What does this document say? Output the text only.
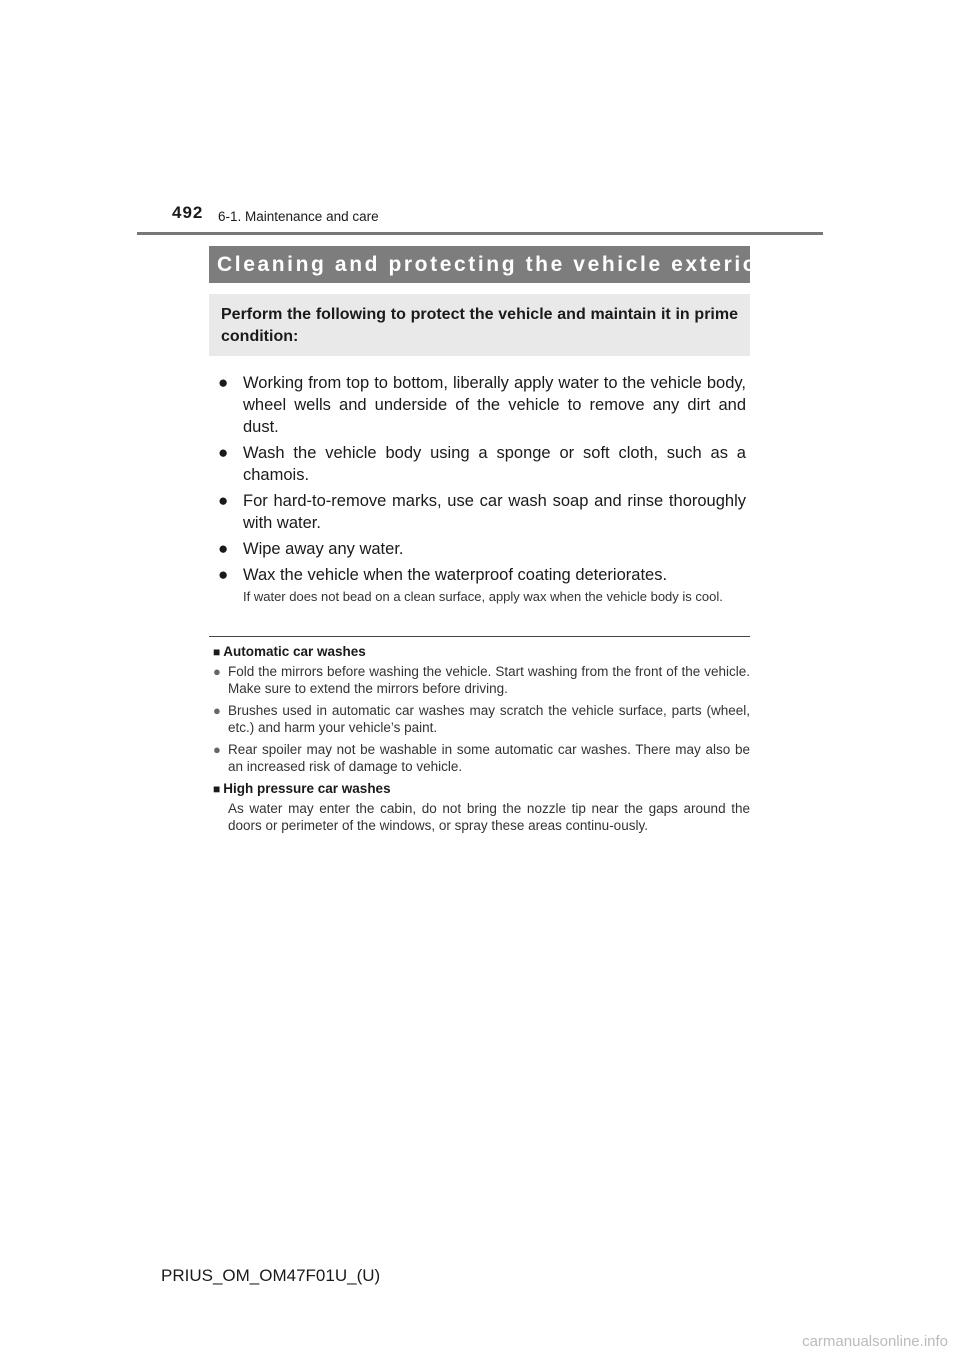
492 6-1. Maintenance and care
Cleaning and protecting the vehicle exterior
Perform the following to protect the vehicle and maintain it in prime condition:
● Working from top to bottom, liberally apply water to the vehicle body, wheel wells and underside of the vehicle to remove any dirt and dust.
● Wash the vehicle body using a sponge or soft cloth, such as a chamois.
● For hard-to-remove marks, use car wash soap and rinse thoroughly with water.
● Wipe away any water.
● Wax the vehicle when the waterproof coating deteriorates.
If water does not bead on a clean surface, apply wax when the vehicle body is cool.
■ Automatic car washes
● Fold the mirrors before washing the vehicle. Start washing from the front of the vehicle. Make sure to extend the mirrors before driving.
● Brushes used in automatic car washes may scratch the vehicle surface, parts (wheel, etc.) and harm your vehicle’s paint.
● Rear spoiler may not be washable in some automatic car washes. There may also be an increased risk of damage to vehicle.
■ High pressure car washes
As water may enter the cabin, do not bring the nozzle tip near the gaps around the doors or perimeter of the windows, or spray these areas continu-ously.
PRIUS_OM_OM47F01U_(U)
carmanualsonline.info
